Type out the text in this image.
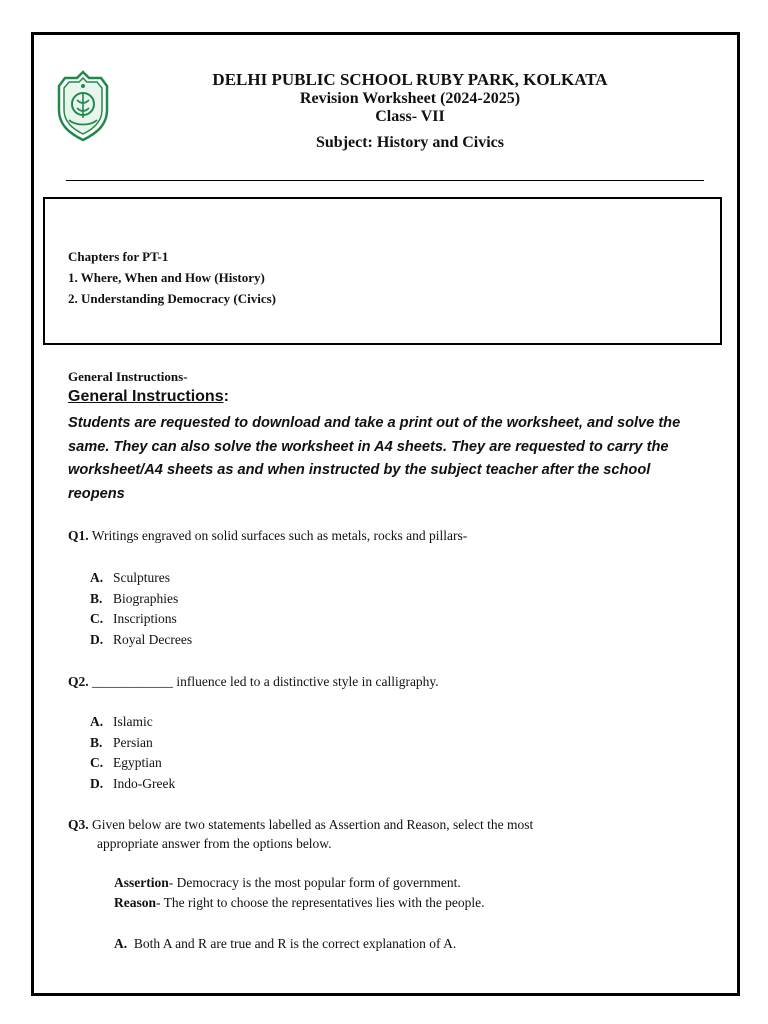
DELHI PUBLIC SCHOOL RUBY PARK, KOLKATA
Revision Worksheet (2024-2025)
Class- VII
Subject: History and Civics
Chapters for PT-1
1. Where, When and How (History)
2. Understanding Democracy (Civics)
General Instructions-
General Instructions:
Students are requested to download and take a print out of the worksheet, and solve the same. They can also solve the worksheet in A4 sheets. They are requested to carry the worksheet/A4 sheets as and when instructed by the subject teacher after the school reopens
Q1. Writings engraved on solid surfaces such as metals, rocks and pillars-
A. Sculptures
B. Biographies
C. Inscriptions
D. Royal Decrees
Q2. ____________ influence led to a distinctive style in calligraphy.
A. Islamic
B. Persian
C. Egyptian
D. Indo-Greek
Q3. Given below are two statements labelled as Assertion and Reason, select the most
appropriate answer from the options below.
Assertion- Democracy is the most popular form of government.
Reason- The right to choose the representatives lies with the people.
A. Both A and R are true and R is the correct explanation of A.
